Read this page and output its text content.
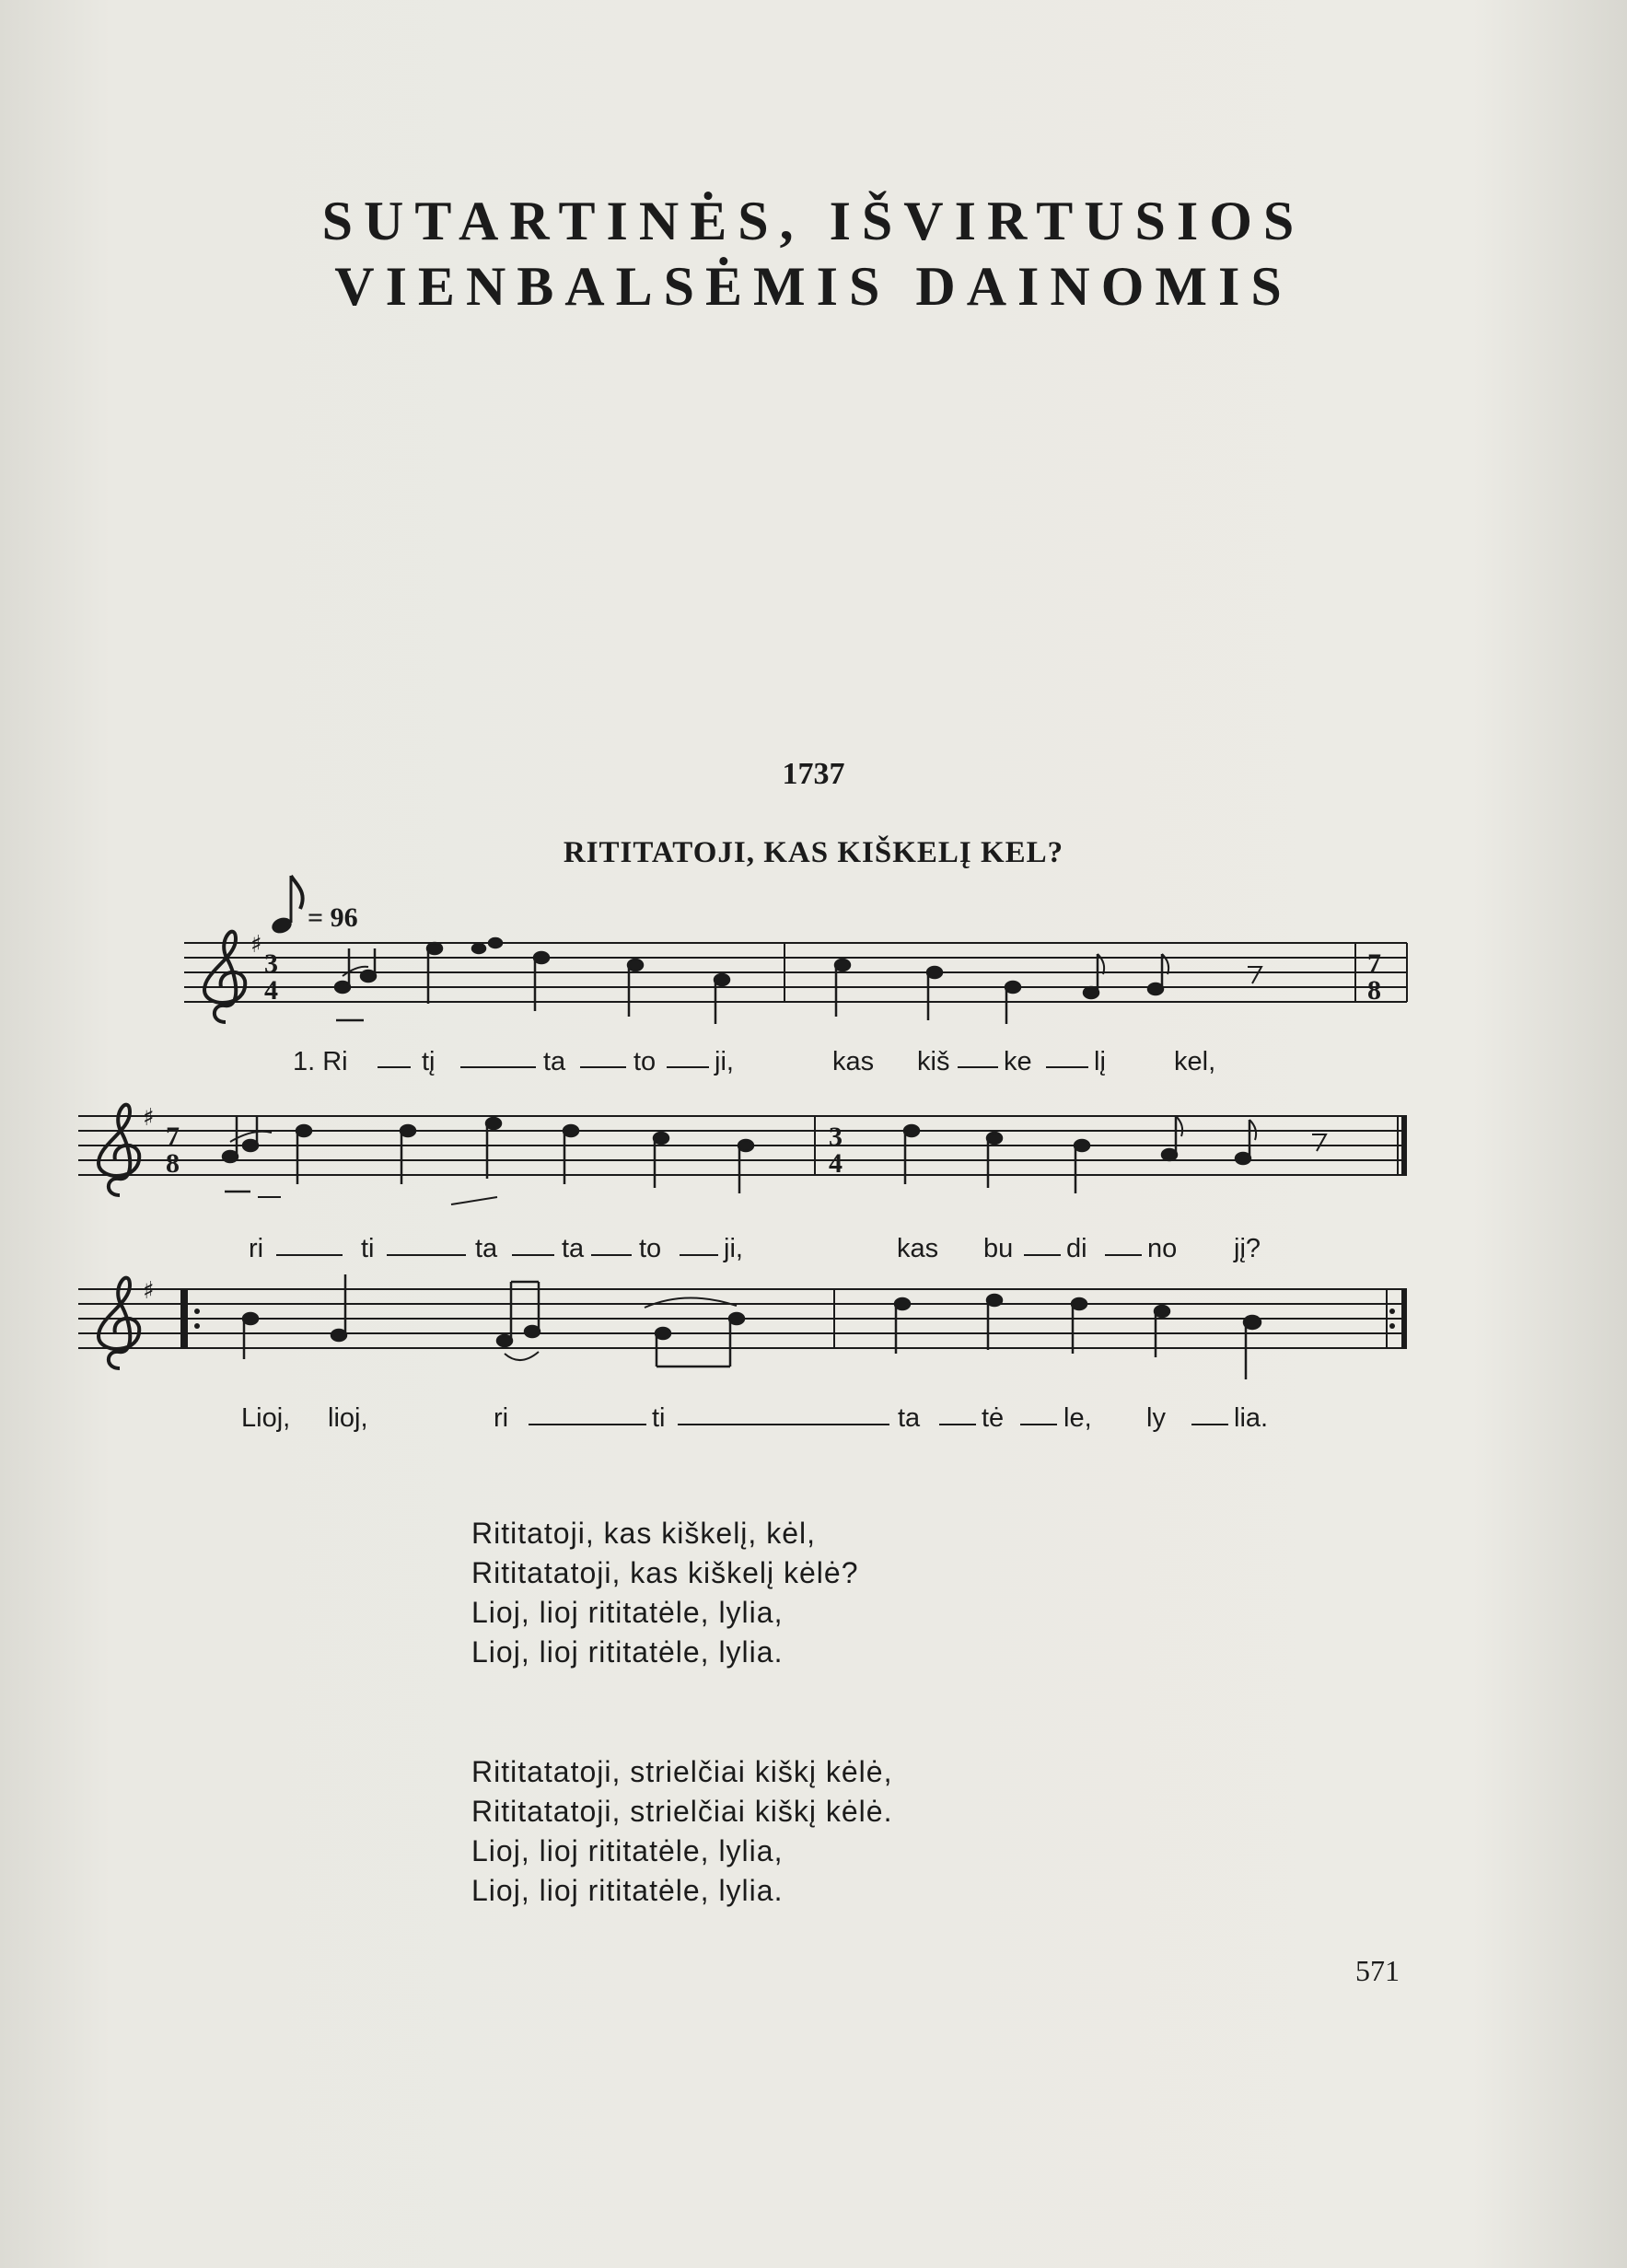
SUTARTINĖS, IŠVIRTUSIOS
VIENBALSĖMIS DAINOMIS
1737
RITITATOJI, KAS KIŠKELĮ KEL?
= 96
♯
♯
♯
3
4
7
8
7
8
3
4
1. Ri	tį	ta	to ji,	kas kiš ke lį	kel,
ri	ti	ta ta to ji,	kas bu di no jį?
Lioj, lioj,	ri	ti	ta tė le, ly	lia.
Rititatoji, kas kiškelį, kėl,
Rititatatoji, kas kiškelį kėlė?
Lioj, lioj rititatėle, lylia,
Lioj, lioj rititatėle, lylia.
Rititatatoji, strielčiai kiškį kėlė,
Rititatatoji, strielčiai kiškį kėlė.
Lioj, lioj rititatėle, lylia,
Lioj, lioj rititatėle, lylia.
571
